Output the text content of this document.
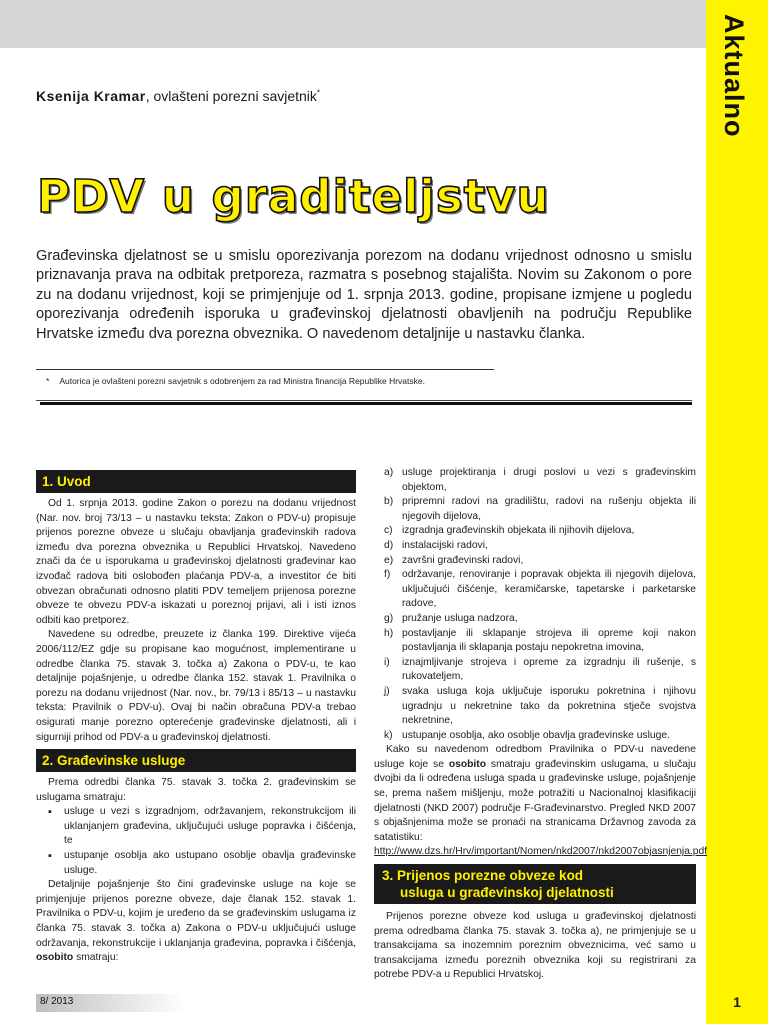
Aktualno
1
Ksenija Kramar, ovlašteni porezni savjetnik*
PDV u graditeljstvu
Građevinska djelatnost se u smislu oporezivanja porezom na dodanu vrijednost odnosno u smislu priznavanja prava na odbitak pretporeza, razmatra s posebnog stajališta. Novim su Zakonom o pore zu na dodanu vrijednost, koji se primjenjuje od 1. srpnja 2013. godine, propisane izmjene u pogledu oporezivanja određenih isporuka u građevinskoj djelatnosti obavljenih na području Republike Hrvatske između dva porezna obveznika. O navedenom detaljnije u nastavku članka.
* Autorica je ovlašteni porezni savjetnik s odobrenjem za rad Ministra financija Republike Hrvatske.
1. Uvod

Od 1. srpnja 2013. godine Zakon o porezu na dodanu vrijednost (Nar. nov. broj 73/13 – u nastavku teksta: Zakon o PDV-u) propisuje prijenos porezne obveze u slučaju obavljanja građevinskih radova između dva porezna obveznika u Republici Hrvatskoj. Navedeno znači da će u isporukama u građevinskoj djelatnosti građevinar kao izvođač radova biti oslobođen plaćanja PDV-a, a investitor će biti obvezan obračunati odnosno platiti PDV temeljem prijenosa porezne obveze te obvezu PDV-a iskazati u poreznoj prijavi, ali i isti iznos odbiti kao pretporez.

Navedene su odredbe, preuzete iz članka 199. Direktive vijeća 2006/112/EZ gdje su propisane kao mogućnost, implementirane u odredbe članka 75. stavak 3. točka a) Zakona o PDV-u, te kao detaljnije pojašnjenje, u odredbe članka 152. stavak 1. Pravilnika o porezu na dodanu vrijednost (Nar. nov., br. 79/13 i 85/13 – u nastavku teksta: Pravilnik o PDV-u). Ovaj bi način obračuna PDV-a trebao osigurati manje porezno opterećenje građevinske djelatnosti, ali i sigurniji prihod od PDV-a u građevinskoj djelatnosti.

2. Građevinske usluge

Prema odredbi članka 75. stavak 3. točka 2. građevinskim se uslugama smatraju:

▪ usluge u vezi s izgradnjom, održavanjem, rekonstrukcijom ili uklanjanjem građevina, uključujući usluge popravka i čišćenja, te
▪ ustupanje osoblja ako ustupano osoblje obavlja građevinske usluge.

Detaljnije pojašnjenje što čini građevinske usluge na koje se primjenjuje prijenos porezne obveze, daje članak 152. stavak 1. Pravilnika o PDV-u, kojim je uređeno da se građevinskim uslugama iz članka 75. stavak 3. točka a) Zakona o PDV-u uključujući usluge održavanja, rekonstrukcije i uklanjanja građevina, popravka i čišćenja, osobito smatraju:

a) usluge projektiranja i drugi poslovi u vezi s građevinskim objektom,
b) pripremni radovi na gradilištu, radovi na rušenju objekta ili njegovih dijelova,
c) izgradnja građevinskih objekata ili njihovih dijelova,
d) instalacijski radovi,
e) završni građevinski radovi,
f) održavanje, renoviranje i popravak objekta ili njegovih dijelova, uključujući čišćenje, keramičarske, tapetarske i parketarske radove,
g) pružanje usluga nadzora,
h) postavljanje ili sklapanje strojeva ili opreme koji nakon postavljanja ili sklapanja postaju nepokretna imovina,
i) iznajmljivanje strojeva i opreme za izgradnju ili rušenje, s rukovateljem,
j) svaka usluga koja uključuje isporuku pokretnina i njihovu ugradnju u nekretnine tako da pokretnina stječe svojstva nekretnine,
k) ustupanje osoblja, ako osoblje obavlja građevinske usluge.

Kako su navedenom odredbom Pravilnika o PDV-u navedene usluge koje se osobito smatraju građevinskim uslugama, u slučaju dvojbi da li određena usluga spada u građevinske usluge, pojašnjenje se, prema našem mišljenju, može potražiti u Nacionalnoj klasifikaciji djelatnosti (NKD 2007) područje F-Građevinarstvo. Pregled NKD 2007 s objašnjenima može se pronaći na stranicama Državnog zavoda za satatistiku: http://www.dzs.hr/Hrv/important/Nomen/nkd2007/nkd2007objasnjenja.pdf

3. Prijenos porezne obveze kod
usluga u građevinskoj djelatnosti

Prijenos porezne obveze kod usluga u građevinskoj djelatnosti prema odredbama članka 75. stavak 3. točka a), ne primjenjuje se u transakcijama sa inozemnim poreznim obveznicima, već samo u transakcijama između poreznih obveznika koji su registrirani za potrebe PDV-a u Republici Hrvatskoj.

8/ 2013
